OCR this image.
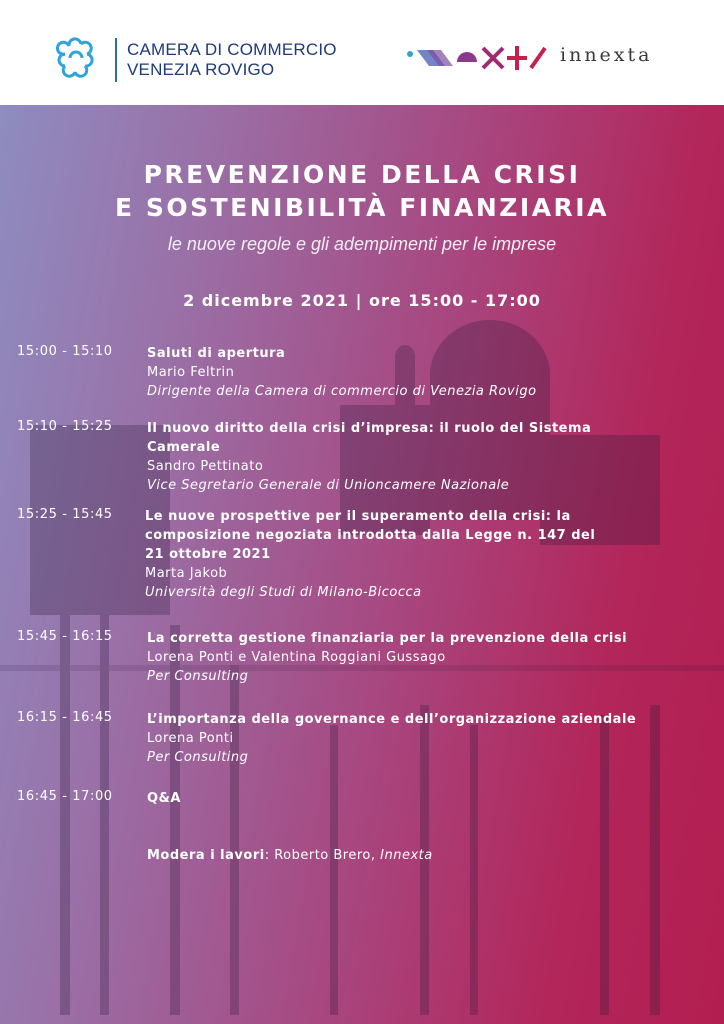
CAMERA DI COMMERCIO
VENEZIA ROVIGO
innexta
PREVENZIONE DELLA CRISI
E SOSTENIBILITÀ FINANZIARIA
le nuove regole e gli adempimenti per le imprese
2 dicembre 2021 | ore 15:00 - 17:00
15:00 - 15:10	Saluti di apertura
Mario Feltrin
Dirigente della Camera di commercio di Venezia Rovigo
15:10 - 15:25	Il nuovo diritto della crisi d’impresa: il ruolo del Sistema Camerale
Sandro Pettinato
Vice Segretario Generale di Unioncamere Nazionale
15:25 - 15:45 Le nuove prospettive per il superamento della crisi: la composizione negoziata introdotta dalla Legge n. 147 del 21 ottobre 2021
Marta Jakob
Università degli Studi di Milano-Bicocca
15:45 - 16:15	La corretta gestione finanziaria per la prevenzione della crisi
Lorena Ponti e Valentina Roggiani Gussago
Per Consulting
16:15 - 16:45	L’importanza della governance e dell’organizzazione aziendale
Lorena Ponti
Per Consulting
16:45 - 17:00	Q&A
Modera i lavori: Roberto Brero, Innexta
